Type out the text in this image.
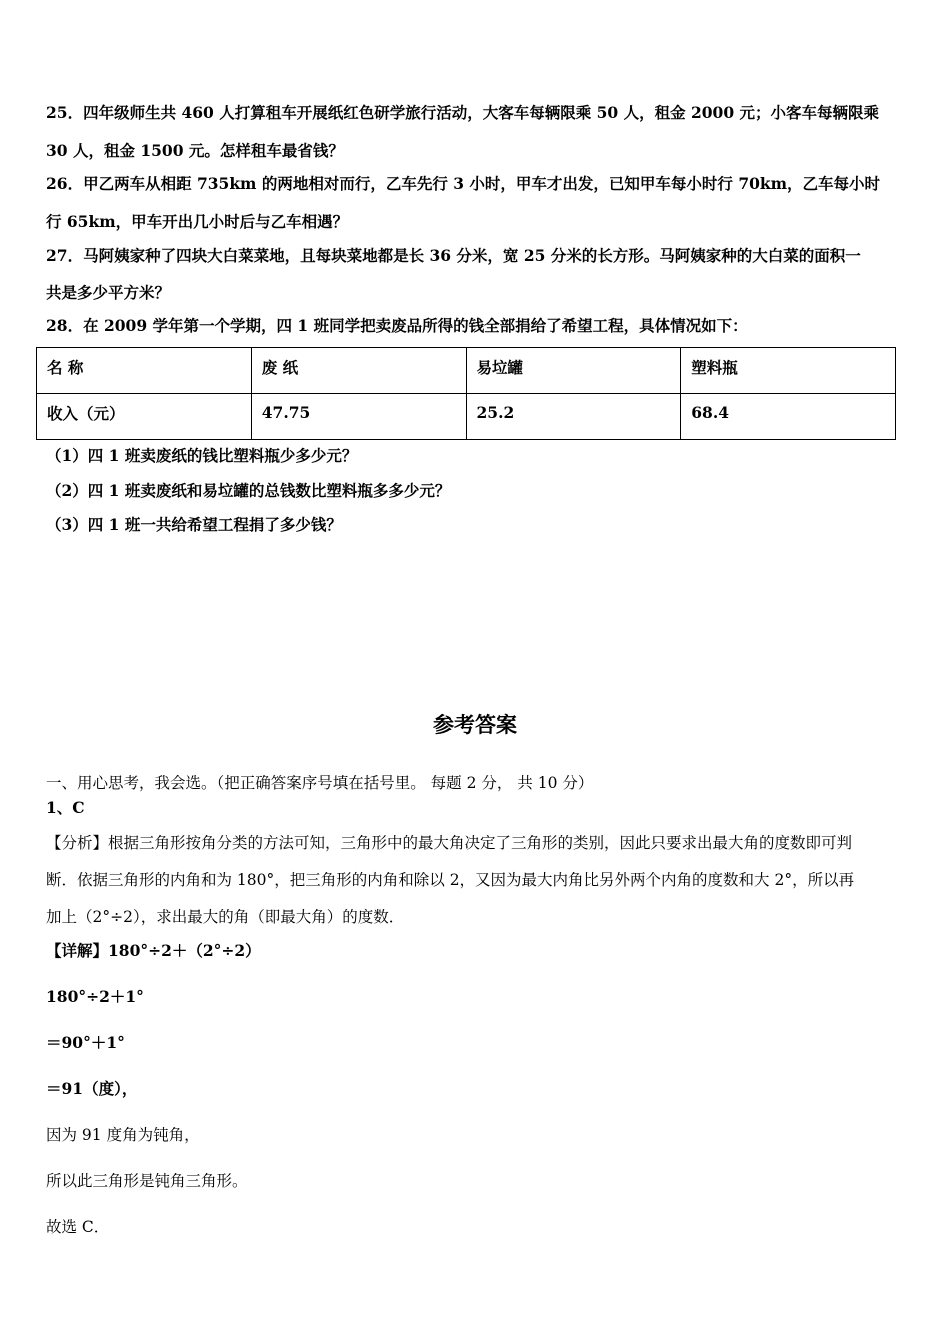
25．四年级师生共 460 人打算租车开展纸红色研学旅行活动，大客车每辆限乘 50 人，租金 2000 元；小客车每辆限乘
30 人，租金 1500 元。怎样租车最省钱？
26．甲乙两车从相距 735km 的两地相对而行，乙车先行 3 小时，甲车才出发，已知甲车每小时行 70km，乙车每小时
行 65km，甲车开出几小时后与乙车相遇？
27．马阿姨家种了四块大白菜菜地，且每块菜地都是长 36 分米，宽 25 分米的长方形。马阿姨家种的大白菜的面积一
共是多少平方米？
28．在 2009 学年第一个学期，四 1 班同学把卖废品所得的钱全部捐给了希望工程，具体情况如下：
名 称	废 纸	易垃罐	塑料瓶
收入（元）	47.75	25.2	68.4
（1）四 1 班卖废纸的钱比塑料瓶少多少元？
（2）四 1 班卖废纸和易垃罐的总钱数比塑料瓶多多少元？
（3）四 1 班一共给希望工程捐了多少钱？
参考答案
一、用心思考，我会选。（把正确答案序号填在括号里。 每题 2 分， 共 10 分）
1、C
【分析】根据三角形按角分类的方法可知，三角形中的最大角决定了三角形的类别，因此只要求出最大角的度数即可判
断．依据三角形的内角和为 180°，把三角形的内角和除以 2，又因为最大内角比另外两个内角的度数和大 2°，所以再
加上（2°÷2），求出最大的角（即最大角）的度数．
【详解】180°÷2＋（2°÷2）
180°÷2＋1°
＝90°＋1°
＝91（度），
因为 91 度角为钝角，
所以此三角形是钝角三角形。
故选 C．
